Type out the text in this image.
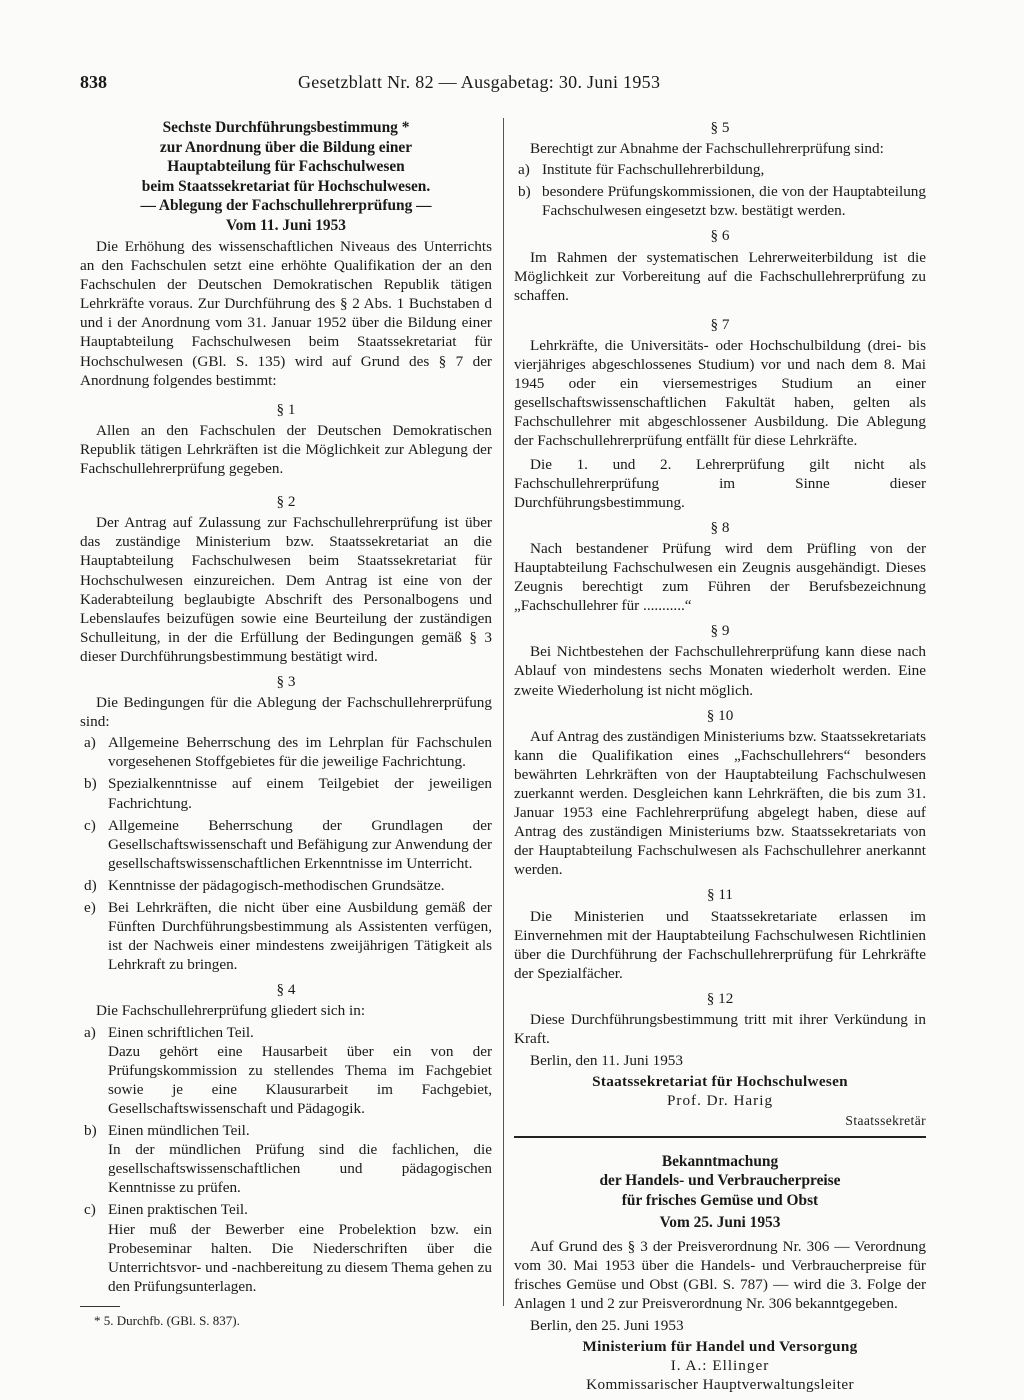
838	Gesetzblatt Nr. 82 — Ausgabetag: 30. Juni 1953
Sechste Durchführungsbestimmung *
zur Anordnung über die Bildung einer
Hauptabteilung für Fachschulwesen
beim Staatssekretariat für Hochschulwesen.
— Ablegung der Fachschullehrerprüfung —
Vom 11. Juni 1953

Die Erhöhung des wissenschaftlichen Niveaus des Unterrichts an den Fachschulen setzt eine erhöhte Qualifikation der an den Fachschulen der Deutschen Demokratischen Republik tätigen Lehrkräfte voraus. Zur Durchführung des § 2 Abs. 1 Buchstaben d und i der Anordnung vom 31. Januar 1952 über die Bildung einer Hauptabteilung Fachschulwesen beim Staatssekretariat für Hochschulwesen (GBl. S. 135) wird auf Grund des § 7 der Anordnung folgendes bestimmt:

§ 1

Allen an den Fachschulen der Deutschen Demokratischen Republik tätigen Lehrkräften ist die Möglichkeit zur Ablegung der Fachschullehrerprüfung gegeben.

§ 2

Der Antrag auf Zulassung zur Fachschullehrerprüfung ist über das zuständige Ministerium bzw. Staatssekretariat an die Hauptabteilung Fachschulwesen beim Staatssekretariat für Hochschulwesen einzureichen. Dem Antrag ist eine von der Kaderabteilung beglaubigte Abschrift des Personalbogens und Lebenslaufes beizufügen sowie eine Beurteilung der zuständigen Schulleitung, in der die Erfüllung der Bedingungen gemäß § 3 dieser Durchführungsbestimmung bestätigt wird.

§ 3

Die Bedingungen für die Ablegung der Fachschullehrerprüfung sind:

a) Allgemeine Beherrschung des im Lehrplan für Fachschulen vorgesehenen Stoffgebietes für die jeweilige Fachrichtung.
b) Spezialkenntnisse auf einem Teilgebiet der jeweiligen Fachrichtung.
c) Allgemeine Beherrschung der Grundlagen der Gesellschaftswissenschaft und Befähigung zur Anwendung der gesellschaftswissenschaftlichen Erkenntnisse im Unterricht.
d) Kenntnisse der pädagogisch-methodischen Grundsätze.
e) Bei Lehrkräften, die nicht über eine Ausbildung gemäß der Fünften Durchführungsbestimmung als Assistenten verfügen, ist der Nachweis einer mindestens zweijährigen Tätigkeit als Lehrkraft zu bringen.

§ 4

Die Fachschullehrerprüfung gliedert sich in:

a) Einen schriftlichen Teil.
Dazu gehört eine Hausarbeit über ein von der Prüfungskommission zu stellendes Thema im Fachgebiet sowie je eine Klausurarbeit im Fachgebiet, Gesellschaftswissenschaft und Pädagogik.
b) Einen mündlichen Teil.
In der mündlichen Prüfung sind die fachlichen, die gesellschaftswissenschaftlichen und pädagogischen Kenntnisse zu prüfen.
c) Einen praktischen Teil.
Hier muß der Bewerber eine Probelektion bzw. ein Probeseminar halten. Die Niederschriften über die Unterrichtsvor- und -nachbereitung zu diesem Thema gehen zu den Prüfungsunterlagen.
* 5. Durchfb. (GBl. S. 837).

§ 5

Berechtigt zur Abnahme der Fachschullehrerprüfung sind:

a) Institute für Fachschullehrerbildung,
b) besondere Prüfungskommissionen, die von der Hauptabteilung Fachschulwesen eingesetzt bzw. bestätigt werden.

§ 6

Im Rahmen der systematischen Lehrerweiterbildung ist die Möglichkeit zur Vorbereitung auf die Fachschullehrerprüfung zu schaffen.

§ 7

Lehrkräfte, die Universitäts- oder Hochschulbildung (drei- bis vierjähriges abgeschlossenes Studium) vor und nach dem 8. Mai 1945 oder ein viersemestriges Studium an einer gesellschaftswissenschaftlichen Fakultät haben, gelten als Fachschullehrer mit abgeschlossener Ausbildung. Die Ablegung der Fachschullehrerprüfung entfällt für diese Lehrkräfte.

Die 1. und 2. Lehrerprüfung gilt nicht als Fachschullehrerprüfung im Sinne dieser Durchführungsbestimmung.

§ 8

Nach bestandener Prüfung wird dem Prüfling von der Hauptabteilung Fachschulwesen ein Zeugnis ausgehändigt. Dieses Zeugnis berechtigt zum Führen der Berufsbezeichnung „Fachschullehrer für ...........“

§ 9

Bei Nichtbestehen der Fachschullehrerprüfung kann diese nach Ablauf von mindestens sechs Monaten wiederholt werden. Eine zweite Wiederholung ist nicht möglich.

§ 10

Auf Antrag des zuständigen Ministeriums bzw. Staatssekretariats kann die Qualifikation eines „Fachschullehrers“ besonders bewährten Lehrkräften von der Hauptabteilung Fachschulwesen zuerkannt werden. Desgleichen kann Lehrkräften, die bis zum 31. Januar 1953 eine Fachlehrerprüfung abgelegt haben, diese auf Antrag des zuständigen Ministeriums bzw. Staatssekretariats von der Hauptabteilung Fachschulwesen als Fachschullehrer anerkannt werden.

§ 11

Die Ministerien und Staatssekretariate erlassen im Einvernehmen mit der Hauptabteilung Fachschulwesen Richtlinien über die Durchführung der Fachschullehrerprüfung für Lehrkräfte der Spezialfächer.

§ 12

Diese Durchführungsbestimmung tritt mit ihrer Verkündung in Kraft.

Berlin, den 11. Juni 1953

Staatssekretariat für Hochschulwesen

Prof. Dr. Harig

Staatssekretär

Bekanntmachung
der Handels- und Verbraucherpreise
für frisches Gemüse und Obst
Vom 25. Juni 1953

Auf Grund des § 3 der Preisverordnung Nr. 306 — Verordnung vom 30. Mai 1953 über die Handels- und Verbraucherpreise für frisches Gemüse und Obst (GBl. S. 787) — wird die 3. Folge der Anlagen 1 und 2 zur Preisverordnung Nr. 306 bekanntgegeben.

Berlin, den 25. Juni 1953

Ministerium für Handel und Versorgung

I. A.: Ellinger

Kommissarischer Hauptverwaltungsleiter
